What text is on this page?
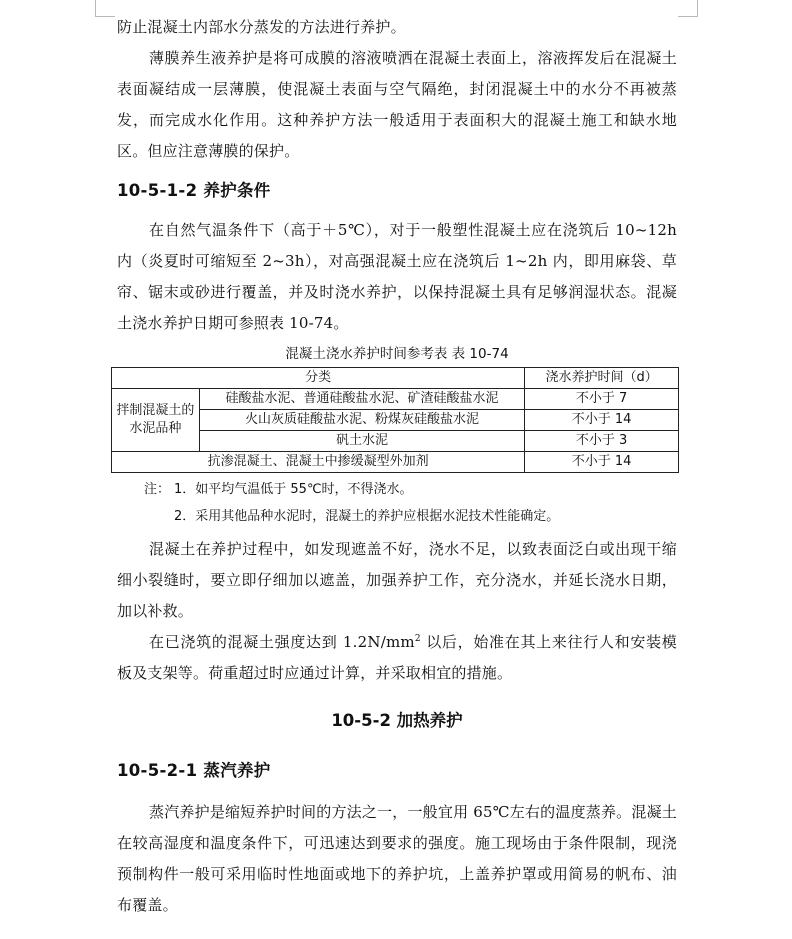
防止混凝土内部水分蒸发的方法进行养护。

薄膜养生液养护是将可成膜的溶液喷洒在混凝土表面上，溶液挥发后在混凝土表面凝结成一层薄膜，使混凝土表面与空气隔绝，封闭混凝土中的水分不再被蒸发，而完成水化作用。这种养护方法一般适用于表面积大的混凝土施工和缺水地区。但应注意薄膜的保护。

10-5-1-2 养护条件

在自然气温条件下（高于＋5℃），对于一般塑性混凝土应在浇筑后 10~12h 内（炎夏时可缩短至 2~3h），对高强混凝土应在浇筑后 1~2h 内，即用麻袋、草帘、锯末或砂进行覆盖，并及时浇水养护，以保持混凝土具有足够润湿状态。混凝土浇水养护日期可参照表 10-74。

混凝土浇水养护时间参考表 表 10-74
分类		浇水养护时间（d）
拌制混凝土的水泥品种	硅酸盐水泥、普通硅酸盐水泥、矿渣硅酸盐水泥	不小于 7
	火山灰质硅酸盐水泥、粉煤灰硅酸盐水泥	不小于 14
	矾土水泥	不小于 3
抗渗混凝土、混凝土中掺缓凝型外加剂		不小于 14
注： 1．如平均气温低于 55℃时，不得浇水。
2．采用其他品种水泥时，混凝土的养护应根据水泥技术性能确定。

混凝土在养护过程中，如发现遮盖不好，浇水不足，以致表面泛白或出现干缩细小裂缝时，要立即仔细加以遮盖，加强养护工作，充分浇水，并延长浇水日期，加以补救。

在已浇筑的混凝土强度达到 $1.2N/mm^2$ 以后，始准在其上来往行人和安装模板及支架等。荷重超过时应通过计算，并采取相宜的措施。

10-5-2 加热养护
10-5-2-1 蒸汽养护

蒸汽养护是缩短养护时间的方法之一，一般宜用 65℃左右的温度蒸养。混凝土在较高湿度和温度条件下，可迅速达到要求的强度。施工现场由于条件限制，现浇预制构件一般可采用临时性地面或地下的养护坑，上盖养护罩或用简易的帆布、油布覆盖。
